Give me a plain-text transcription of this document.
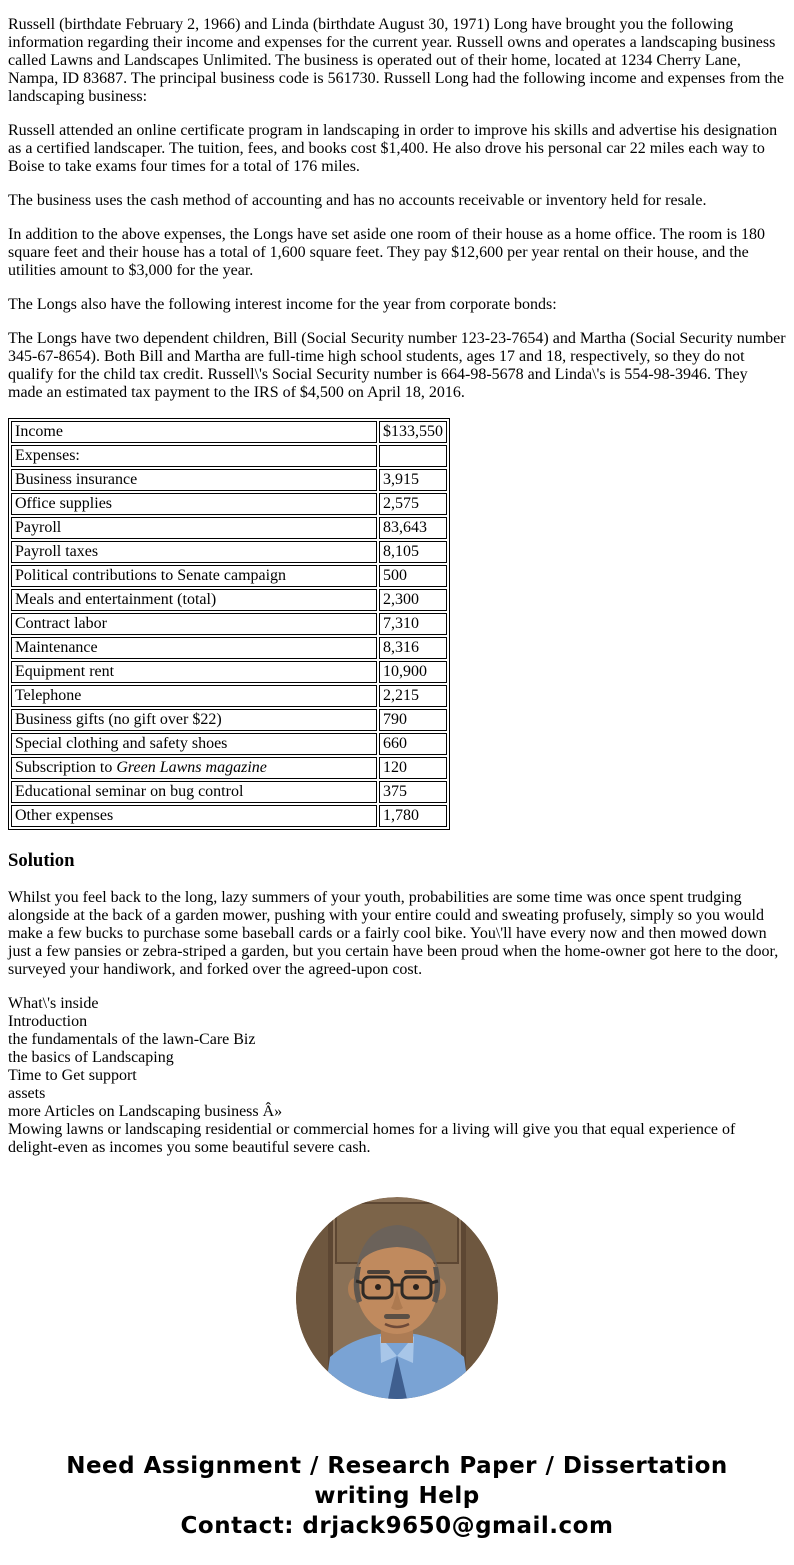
Russell (birthdate February 2, 1966) and Linda (birthdate August 30, 1971) Long have brought you the following information regarding their income and expenses for the current year. Russell owns and operates a landscaping business called Lawns and Landscapes Unlimited. The business is operated out of their home, located at 1234 Cherry Lane, Nampa, ID 83687. The principal business code is 561730. Russell Long had the following income and expenses from the landscaping business:

Russell attended an online certificate program in landscaping in order to improve his skills and advertise his designation as a certified landscaper. The tuition, fees, and books cost $1,400. He also drove his personal car 22 miles each way to Boise to take exams four times for a total of 176 miles.

The business uses the cash method of accounting and has no accounts receivable or inventory held for resale.

In addition to the above expenses, the Longs have set aside one room of their house as a home office. The room is 180 square feet and their house has a total of 1,600 square feet. They pay $12,600 per year rental on their house, and the utilities amount to $3,000 for the year.

The Longs also have the following interest income for the year from corporate bonds:

The Longs have two dependent children, Bill (Social Security number 123-23-7654) and Martha (Social Security number 345-67-8654). Both Bill and Martha are full-time high school students, ages 17 and 18, respectively, so they do not qualify for the child tax credit. Russell\'s Social Security number is 664-98-5678 and Linda\'s is 554-98-3946. They made an estimated tax payment to the IRS of $4,500 on April 18, 2016.

Income	$133,550
Expenses:	
Business insurance	3,915
Office supplies	2,575
Payroll	83,643
Payroll taxes	8,105
Political contributions to Senate campaign	500
Meals and entertainment (total)	2,300
Contract labor	7,310
Maintenance	8,316
Equipment rent	10,900
Telephone	2,215
Business gifts (no gift over $22)	790
Special clothing and safety shoes	660
Subscription to Green Lawns magazine	120
Educational seminar on bug control	375
Other expenses	1,780
Solution

Whilst you feel back to the long, lazy summers of your youth, probabilities are some time was once spent trudging alongside at the back of a garden mower, pushing with your entire could and sweating profusely, simply so you would make a few bucks to purchase some baseball cards or a fairly cool bike. You\'ll have every now and then mowed down just a few pansies or zebra-striped a garden, but you certain have been proud when the home-owner got here to the door, surveyed your handiwork, and forked over the agreed-upon cost.

What\'s inside
Introduction
the fundamentals of the lawn-Care Biz
the basics of Landscaping
Time to Get support
assets
more Articles on Landscaping business Â»
Mowing lawns or landscaping residential or commercial homes for a living will give you that equal experience of delight-even as incomes you some beautiful severe cash.
Need Assignment / Research Paper / Dissertation
writing Help
Contact: drjack9650@gmail.com
